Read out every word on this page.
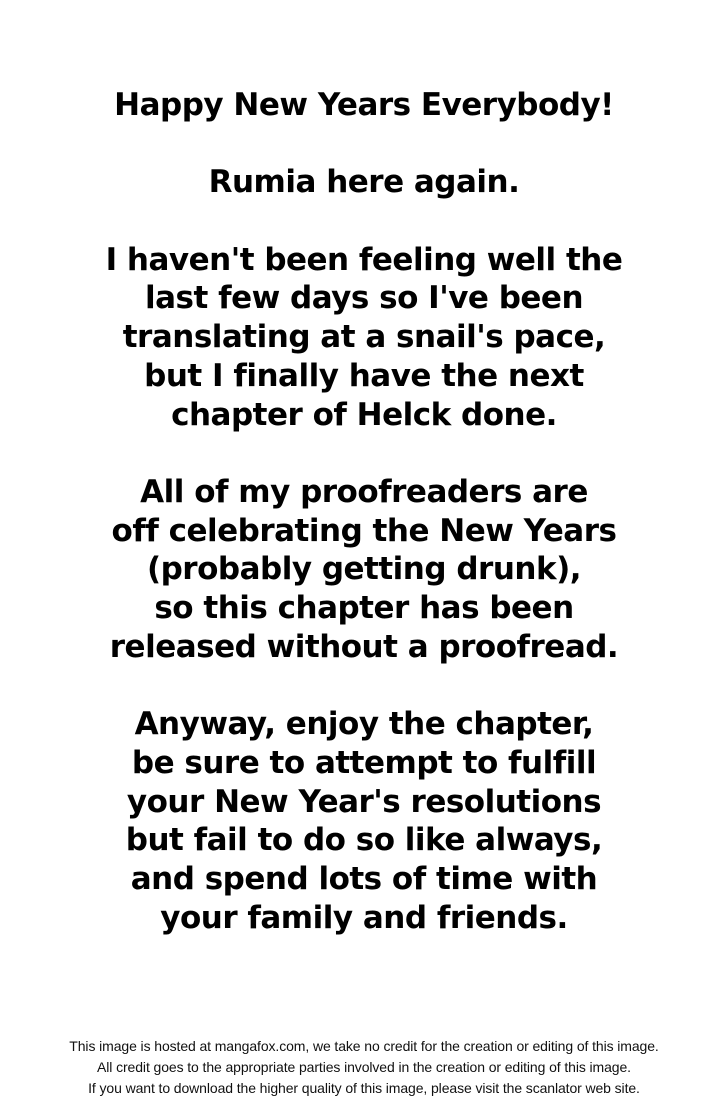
Happy New Years Everybody!

Rumia here again.

I haven't been feeling well the
last few days so I've been
translating at a snail's pace,
but I finally have the next
chapter of Helck done.

All of my proofreaders are
off celebrating the New Years
(probably getting drunk),
so this chapter has been
released without a proofread.

Anyway, enjoy the chapter,
be sure to attempt to fulfill
your New Year's resolutions
but fail to do so like always,
and spend lots of time with
your family and friends.

This image is hosted at mangafox.com, we take no credit for the creation or editing of this image.
All credit goes to the appropriate parties involved in the creation or editing of this image.
If you want to download the higher quality of this image, please visit the scanlator web site.
